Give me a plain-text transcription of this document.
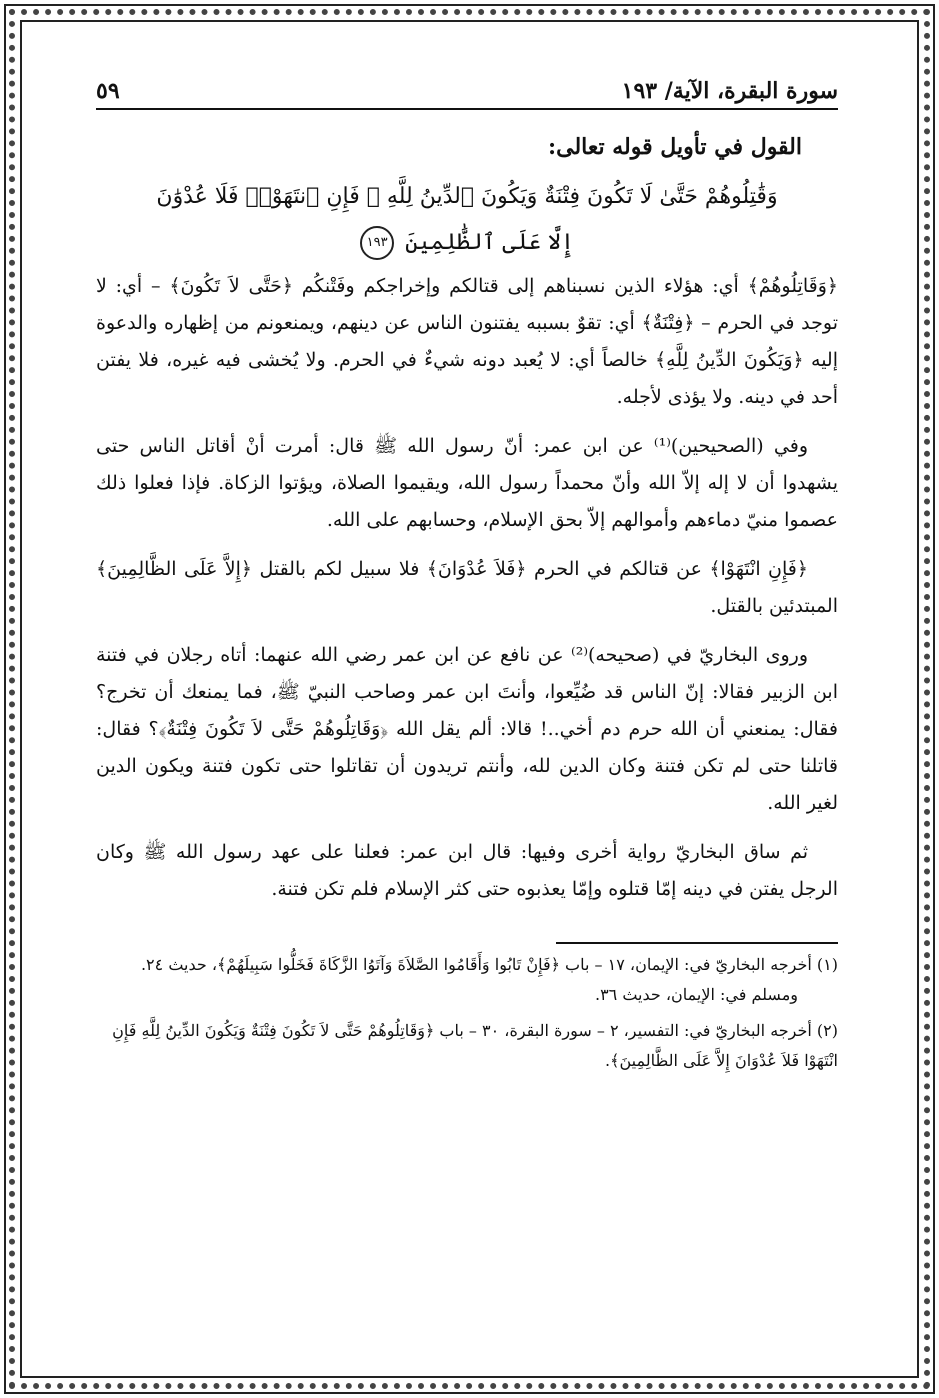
سورة البقرة، الآية/ ١٩٣
٥٩
القول في تأويل قوله تعالى:
وَقَٰتِلُوهُمْ حَتَّىٰ لَا تَكُونَ فِتْنَةٌ وَيَكُونَ ٱلدِّينُ لِلَّهِ ۖ فَإِنِ ٱنتَهَوْا۟ فَلَا عُدْوَٰنَ
إِلَّا عَلَى ٱلظَّٰلِمِينَ ١٩٣
﴿وَقَاتِلُوهُمْ﴾ أي: هؤلاء الذين نسبناهم إلى قتالكم وإخراجكم وفَتْنكُم ﴿حَتَّى لاَ تَكُونَ﴾ – أي: لا توجد في الحرم – ﴿فِتْنَةٌ﴾ أي: تقوٌ بسببه يفتنون الناس عن دينهم، ويمنعونم من إظهاره والدعوة إليه ﴿وَيَكُونَ الدِّينُ لِلَّهِ﴾ خالصاً أي: لا يُعبد دونه شيءٌ في الحرم. ولا يُخشى فيه غيره، فلا يفتن أحد في دينه. ولا يؤذى لأجله.
وفي (الصحيحين)⁽¹⁾ عن ابن عمر: أنّ رسول الله ﷺ قال: أمرت أنْ أقاتل الناس حتى يشهدوا أن لا إله إلاّ الله وأنّ محمداً رسول الله، ويقيموا الصلاة، ويؤتوا الزكاة. فإذا فعلوا ذلك عصموا منيّ دماءهم وأموالهم إلاّ بحق الإسلام، وحسابهم على الله.
﴿فَإِنِ انْتَهَوْا﴾ عن قتالكم في الحرم ﴿فَلاَ عُدْوَانَ﴾ فلا سبيل لكم بالقتل ﴿إِلاَّ عَلَى الظَّالِمِينَ﴾ المبتدئين بالقتل.
وروى البخاريّ في (صحيحه)⁽²⁾ عن نافع عن ابن عمر رضي الله عنهما: أتاه رجلان في فتنة ابن الزبير فقالا: إنّ الناس قد ضُيِّعوا، وأنتَ ابن عمر وصاحب النبيّ ﷺ، فما يمنعك أن تخرج؟ فقال: يمنعني أن الله حرم دم أخي..! قالا: ألم يقل الله ﴿وَقَاتِلُوهُمْ حَتَّى لاَ تَكُونَ فِتْنَةٌ﴾؟ فقال: قاتلنا حتى لم تكن فتنة وكان الدين لله، وأنتم تريدون أن تقاتلوا حتى تكون فتنة ويكون الدين لغير الله.
ثم ساق البخاريّ رواية أخرى وفيها: قال ابن عمر: فعلنا على عهد رسول الله ﷺ وكان الرجل يفتن في دينه إمّا قتلوه وإمّا يعذبوه حتى كثر الإسلام فلم تكن فتنة.
(١) أخرجه البخاريّ في: الإيمان، ١٧ – باب ﴿فَإِنْ تَابُوا وَأَقَامُوا الصَّلاَةَ وَآتَوُا الزَّكَاةَ فَخَلُّوا سَبِيلَهُمْ﴾، حديث ٢٤.
ومسلم في: الإيمان، حديث ٣٦.
(٢) أخرجه البخاريّ في: التفسير، ٢ – سورة البقرة، ٣٠ – باب ﴿وَقَاتِلُوهُمْ حَتَّى لاَ تَكُونَ فِتْنَةٌ وَيَكُونَ الدِّينُ لِلَّهِ فَإِنِ انْتَهَوْا فَلاَ عُدْوَانَ إِلاَّ عَلَى الظَّالِمِينَ﴾.
